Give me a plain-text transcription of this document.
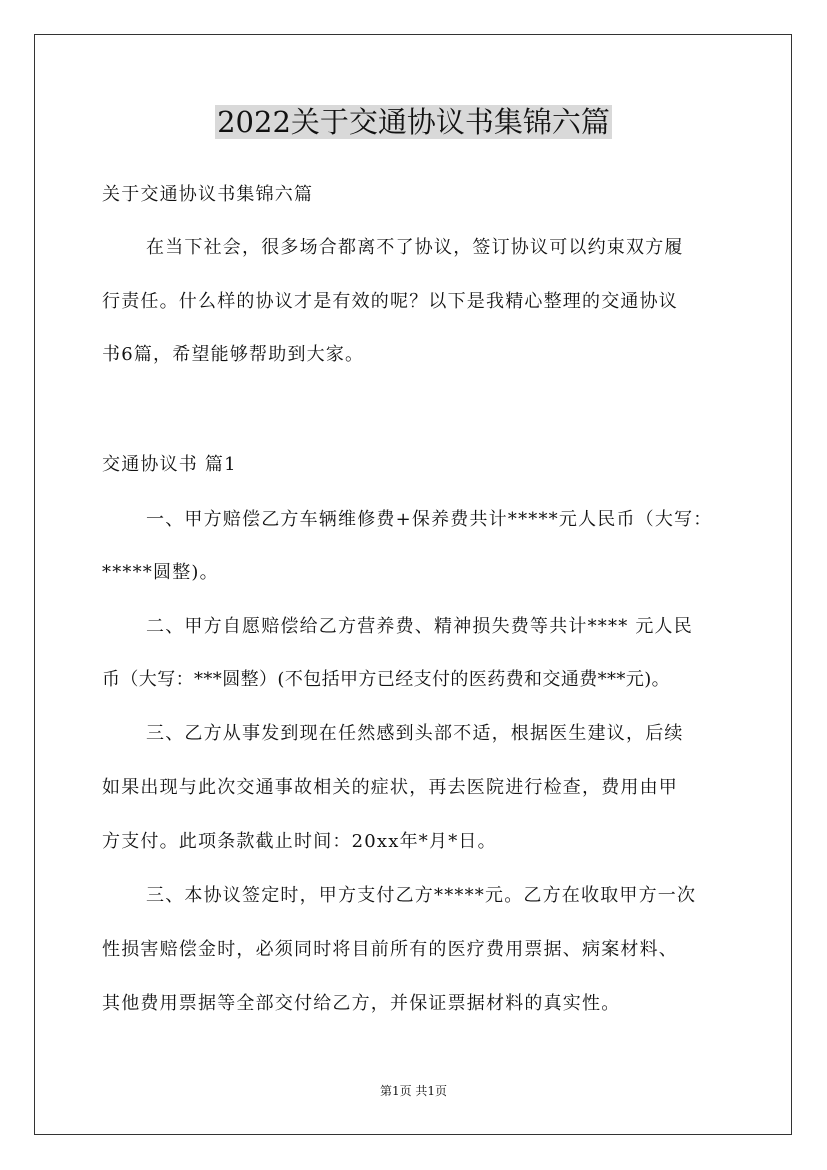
2022关于交通协议书集锦六篇
关于交通协议书集锦六篇
在当下社会，很多场合都离不了协议，签订协议可以约束双方履
行责任。什么样的协议才是有效的呢？以下是我精心整理的交通协议
书6篇，希望能够帮助到大家。
交通协议书 篇1
一、甲方赔偿乙方车辆维修费+保养费共计*****元人民币（大写：
*****圆整)。
二、甲方自愿赔偿给乙方营养费、精神损失费等共计**** 元人民
币（大写：***圆整）(不包括甲方已经支付的医药费和交通费***元)。
三、乙方从事发到现在任然感到头部不适，根据医生建议，后续
如果出现与此次交通事故相关的症状，再去医院进行检查，费用由甲
方支付。此项条款截止时间：20xx年*月*日。
三、本协议签定时，甲方支付乙方*****元。乙方在收取甲方一次
性损害赔偿金时，必须同时将目前所有的医疗费用票据、病案材料、
其他费用票据等全部交付给乙方，并保证票据材料的真实性。
第1页 共1页
